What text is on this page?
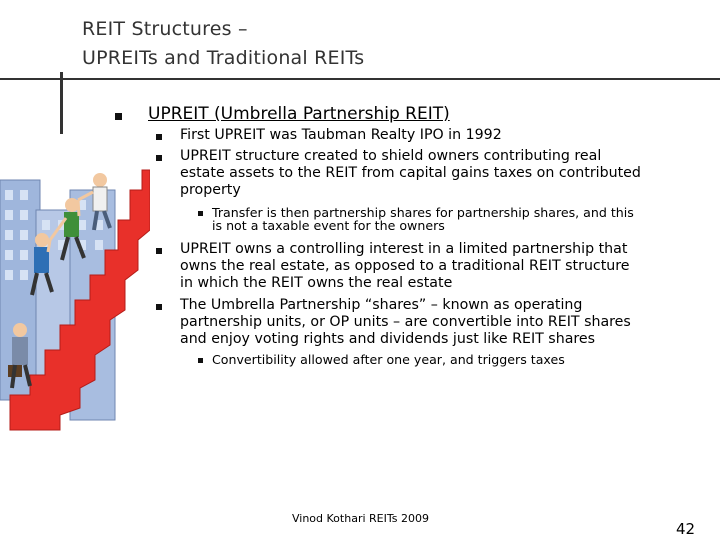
REIT Structures –
UPREITs and Traditional REITs
UPREIT (Umbrella Partnership REIT)
First UPREIT was Taubman Realty IPO in 1992
UPREIT structure created to shield owners contributing real
estate assets to the REIT from capital gains taxes on contributed
property
Transfer is then partnership shares for partnership shares, and this
is not a taxable event for the owners
UPREIT owns a controlling interest in a limited partnership that
owns the real estate, as opposed to a traditional REIT structure
in which the REIT owns the real estate
The Umbrella Partnership “shares” – known as operating
partnership units, or OP units – are convertible into REIT shares
and enjoy voting rights and dividends just like REIT shares
Convertibility allowed after one year, and triggers taxes
Vinod Kothari REITs 2009
42
